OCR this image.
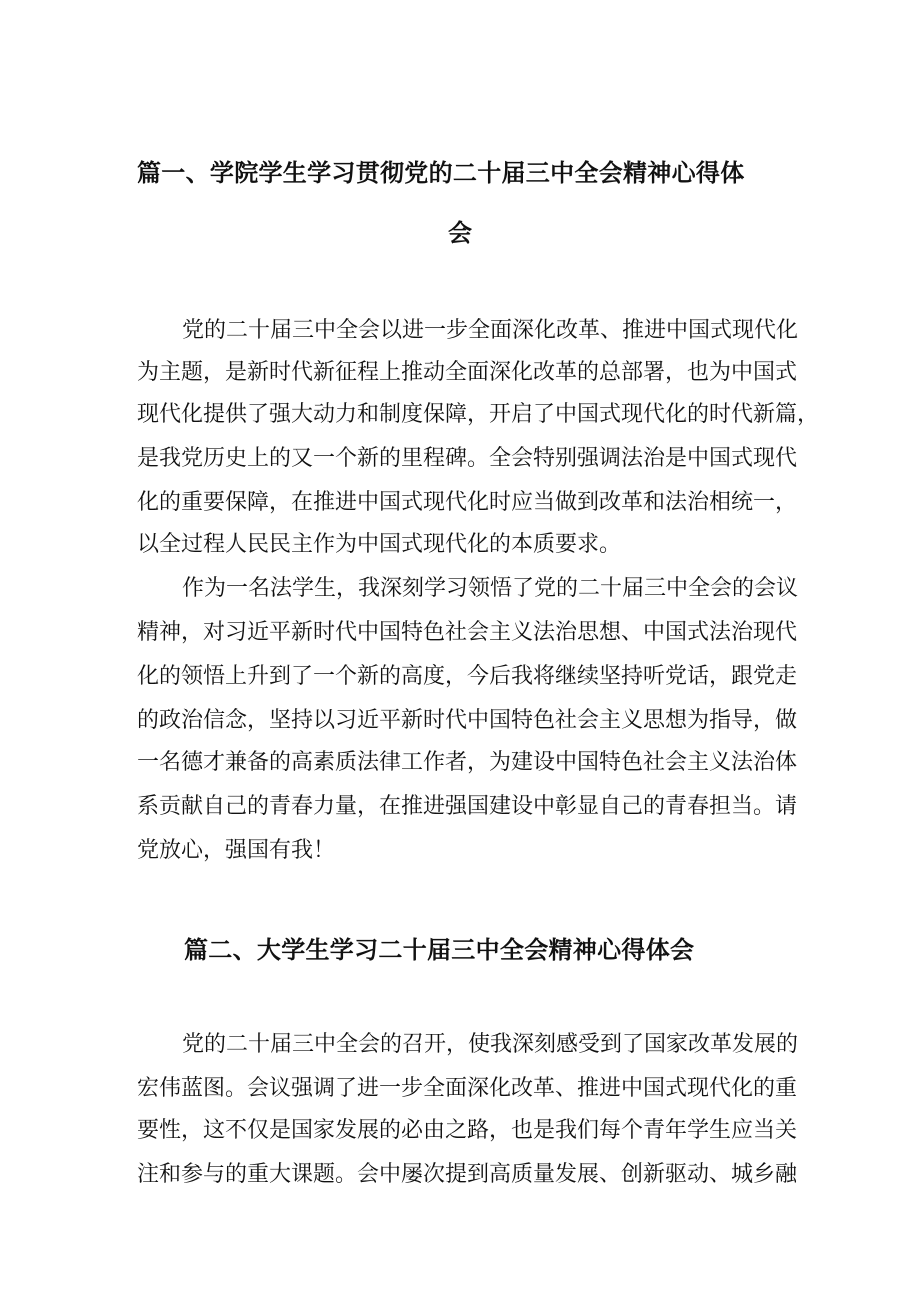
篇一、学院学生学习贯彻党的二十届三中全会精神心得体
会

党的二十届三中全会以进一步全面深化改革、推进中国式现代化

为主题，是新时代新征程上推动全面深化改革的总部署，也为中国式

现代化提供了强大动力和制度保障，开启了中国式现代化的时代新篇，

是我党历史上的又一个新的里程碑。全会特别强调法治是中国式现代

化的重要保障，在推进中国式现代化时应当做到改革和法治相统一，

以全过程人民民主作为中国式现代化的本质要求。

作为一名法学生，我深刻学习领悟了党的二十届三中全会的会议

精神，对习近平新时代中国特色社会主义法治思想、中国式法治现代

化的领悟上升到了一个新的高度，今后我将继续坚持听党话，跟党走

的政治信念，坚持以习近平新时代中国特色社会主义思想为指导，做

一名德才兼备的高素质法律工作者，为建设中国特色社会主义法治体

系贡献自己的青春力量，在推进强国建设中彰显自己的青春担当。请

党放心，强国有我！

篇二、大学生学习二十届三中全会精神心得体会

党的二十届三中全会的召开，使我深刻感受到了国家改革发展的

宏伟蓝图。会议强调了进一步全面深化改革、推进中国式现代化的重

要性，这不仅是国家发展的必由之路，也是我们每个青年学生应当关

注和参与的重大课题。会中屡次提到高质量发展、创新驱动、城乡融
